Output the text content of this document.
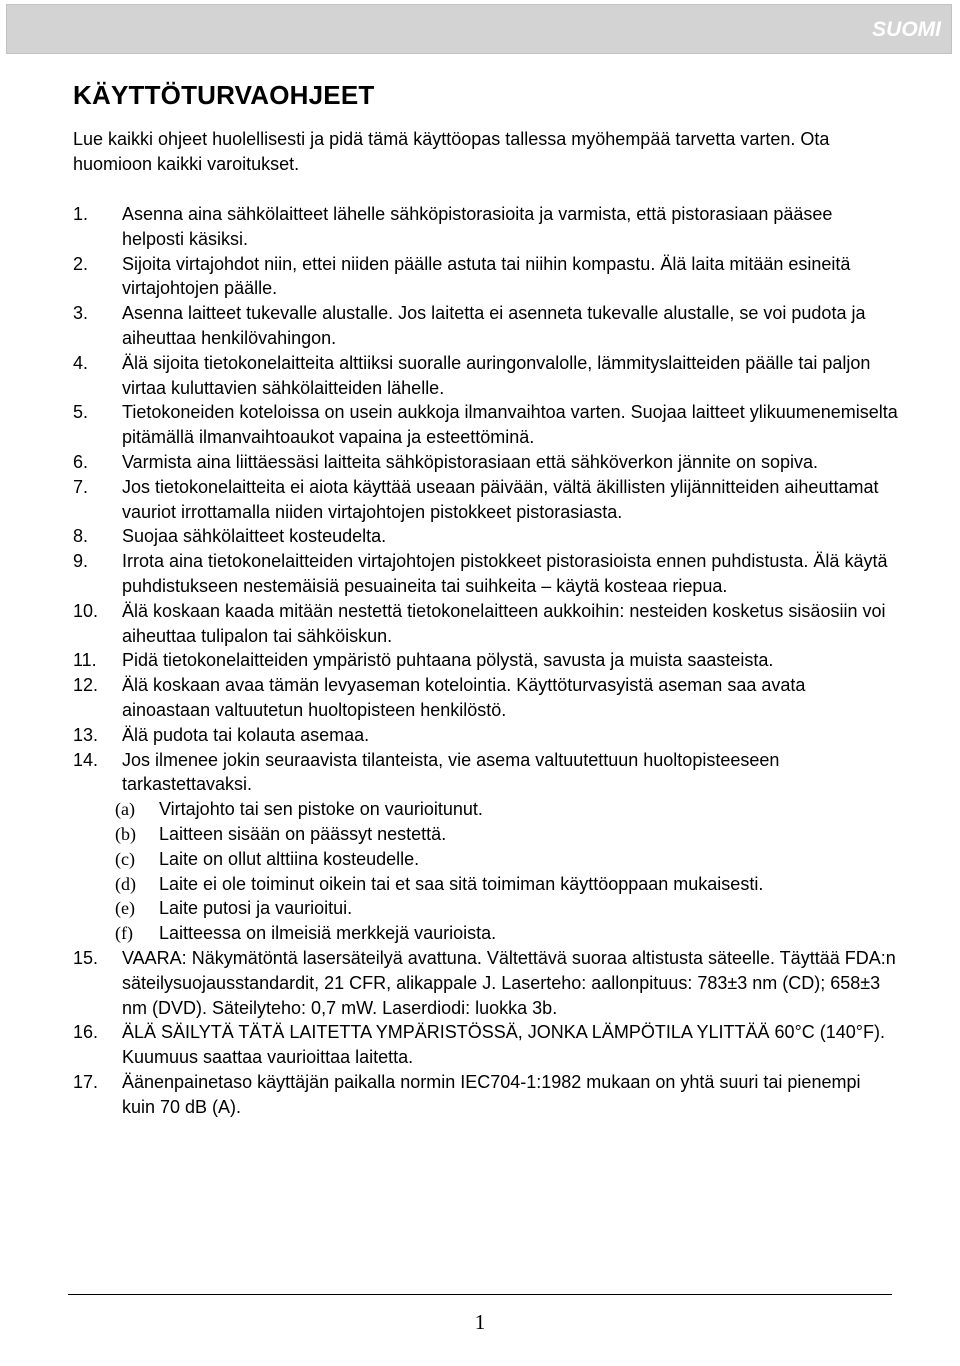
SUOMI
KÄYTTÖTURVAOHJEET

Lue kaikki ohjeet huolellisesti ja pidä tämä käyttöopas tallessa myöhempää tarvetta varten. Ota huomioon kaikki varoitukset.

1. Asenna aina sähkölaitteet lähelle sähköpistorasioita ja varmista, että pistorasiaan pääsee helposti käsiksi.
2. Sijoita virtajohdot niin, ettei niiden päälle astuta tai niihin kompastu. Älä laita mitään esineitä virtajohtojen päälle.
3. Asenna laitteet tukevalle alustalle. Jos laitetta ei asenneta tukevalle alustalle, se voi pudota ja aiheuttaa henkilövahingon.
4. Älä sijoita tietokonelaitteita alttiiksi suoralle auringonvalolle, lämmityslaitteiden päälle tai paljon virtaa kuluttavien sähkölaitteiden lähelle.
5. Tietokoneiden koteloissa on usein aukkoja ilmanvaihtoa varten. Suojaa laitteet ylikuumenemiselta pitämällä ilmanvaihtoaukot vapaina ja esteettöminä.
6. Varmista aina liittäessäsi laitteita sähköpistorasiaan että sähköverkon jännite on sopiva.
7. Jos tietokonelaitteita ei aiota käyttää useaan päivään, vältä äkillisten ylijännitteiden aiheuttamat vauriot irrottamalla niiden virtajohtojen pistokkeet pistorasiasta.
8. Suojaa sähkölaitteet kosteudelta.
9. Irrota aina tietokonelaitteiden virtajohtojen pistokkeet pistorasioista ennen puhdistusta. Älä käytä puhdistukseen nestemäisiä pesuaineita tai suihkeita – käytä kosteaa riepua.
10. Älä koskaan kaada mitään nestettä tietokonelaitteen aukkoihin: nesteiden kosketus sisäosiin voi aiheuttaa tulipalon tai sähköiskun.
11. Pidä tietokonelaitteiden ympäristö puhtaana pölystä, savusta ja muista saasteista.
12. Älä koskaan avaa tämän levyaseman kotelointia. Käyttöturvasyistä aseman saa avata ainoastaan valtuutetun huoltopisteen henkilöstö.
13. Älä pudota tai kolauta asemaa.
14. Jos ilmenee jokin seuraavista tilanteista, vie asema valtuutettuun huoltopisteeseen tarkastettavaksi.
(a) Virtajohto tai sen pistoke on vaurioitunut.
(b) Laitteen sisään on päässyt nestettä.
(c) Laite on ollut alttiina kosteudelle.
(d) Laite ei ole toiminut oikein tai et saa sitä toimiman käyttöoppaan mukaisesti.
(e) Laite putosi ja vaurioitui.
(f) Laitteessa on ilmeisiä merkkejä vaurioista.
15. VAARA: Näkymätöntä lasersäteilyä avattuna. Vältettävä suoraa altistusta säteelle. Täyttää FDA:n säteilysuojausstandardit, 21 CFR, alikappale J. Laserteho: aallonpituus: 783±3 nm (CD); 658±3 nm (DVD). Säteilyteho: 0,7 mW. Laserdiodi: luokka 3b.
16. ÄLÄ SÄILYTÄ TÄTÄ LAITETTA YMPÄRISTÖSSÄ, JONKA LÄMPÖTILA YLITTÄÄ 60°C (140°F). Kuumuus saattaa vaurioittaa laitetta.
17. Äänenpainetaso käyttäjän paikalla normin IEC704-1:1982 mukaan on yhtä suuri tai pienempi kuin 70 dB (A).
1
